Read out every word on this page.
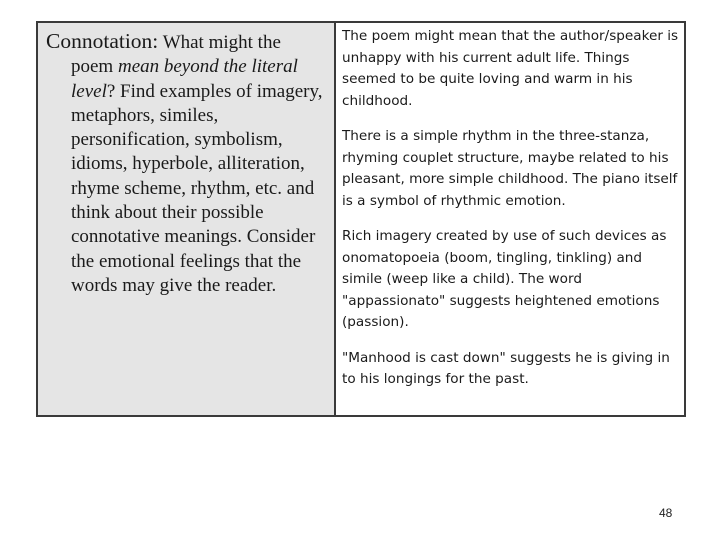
Connotation: What might the
poem mean beyond the literal level? Find examples of imagery, metaphors, similes, personification, symbolism, idioms, hyperbole, alliteration, rhyme scheme, rhythm, etc. and think about their possible connotative meanings. Consider the emotional feelings that the words may give the reader.

The poem might mean that the author/speaker is unhappy with his current adult life. Things seemed to be quite loving and warm in his childhood.

There is a simple rhythm in the three-stanza, rhyming couplet structure, maybe related to his pleasant, more simple childhood. The piano itself is a symbol of rhythmic emotion.

Rich imagery created by use of such devices as onomatopoeia (boom, tingling, tinkling) and simile (weep like a child). The word "appassionato" suggests heightened emotions (passion).

"Manhood is cast down" suggests he is giving in to his longings for the past.

48
